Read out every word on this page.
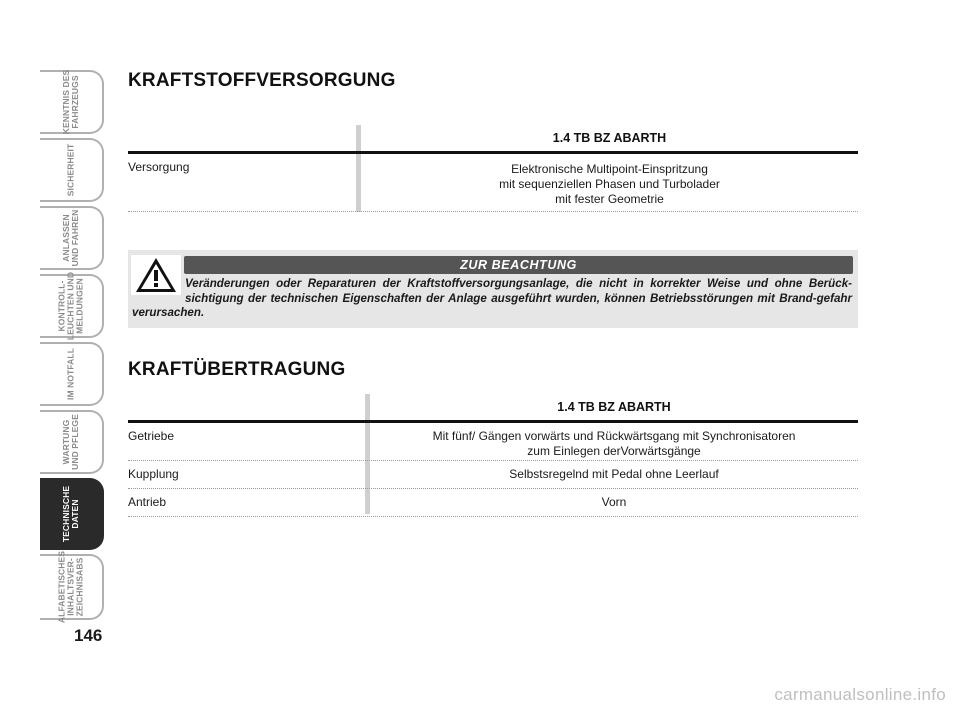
KENNTNIS DES
FAHRZEUGS
SICHERHEIT
ANLASSEN
UND FAHREN
KONTROLL-
LEUCHTEN UND
MELDUNGEN
IM NOTFALL
WARTUNG
UND PFLEGE
TECHNISCHE
DATEN
ALFABETISCHES
INHALTSVER-
ZEICHNISABS
146
KRAFTSTOFFVERSORGUNG
1.4 TB BZ ABARTH
Versorgung	Elektronische Multipoint-Einspritzung
mit sequenziellen Phasen und Turbolader
mit fester Geometrie
ZUR BEACHTUNG

Veränderungen oder Reparaturen der Kraftstoffversorgungsanlage, die nicht in korrekter Weise und ohne Berück-sichtigung der technischen Eigenschaften der Anlage ausgeführt wurden, können Betriebsstörungen mit Brand-gefahr verursachen.

KRAFTÜBERTRAGUNG
1.4 TB BZ ABARTH
Getriebe	Mit fünf/ Gängen vorwärts und Rückwärtsgang mit Synchronisatoren
zum Einlegen derVorwärtsgänge
Kupplung	Selbstsregelnd mit Pedal ohne Leerlauf
Antrieb	Vorn
carmanualsonline.info
